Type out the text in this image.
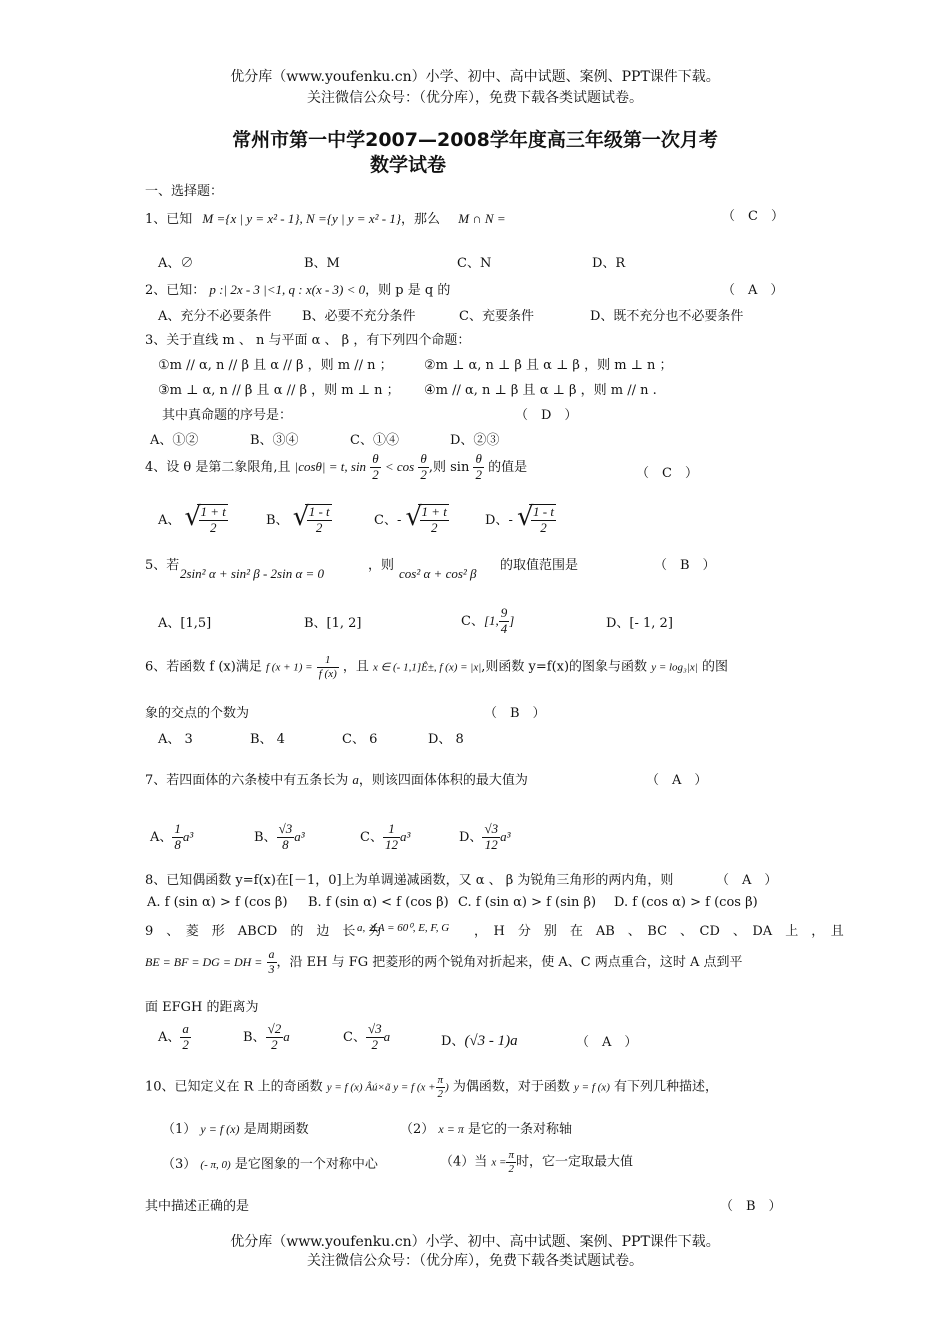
优分库（www.youfenku.cn）小学、初中、高中试题、案例、PPT课件下载。
关注微信公众号：（优分库），免费下载各类试题试卷。
常州市第一中学2007—2008学年度高三年级第一次月考
数学试卷
一、选择题：
1、已知 M ={x | y = x² - 1}, N ={y | y = x² - 1}，那么 M ∩ N =	（　C　）
A、∅	B、M	C、N	D、R
2、已知： p :| 2x - 3 |<1, q : x(x - 3) < 0，则 p 是 q 的	（　A　）
A、充分不必要条件 B、必要不充分条件	C、充要条件	D、既不充分也不必要条件
3、关于直线 m 、 n 与平面 α 、 β ，有下列四个命题：
①m // α, n // β 且 α // β ，则 m // n ； ②m ⊥ α, n ⊥ β 且 α ⊥ β ，则 m ⊥ n ；
③m ⊥ α, n // β 且 α // β ，则 m ⊥ n ； ④m // α, n ⊥ β 且 α ⊥ β ，则 m // n .
其中真命题的序号是：	（　D　）
A、①②	B、③④	C、①④	D、②③
4、设 θ 是第二象限角,且 |cosθ| = t, $\sin \frac{\theta}{2} < \cos \frac{\theta}{2}$ ,则 $\sin \frac{\theta}{2}$ 的值是	（　C　）
A、 √
$\frac{1 + t}{2}$	B、 √
$\frac{1 - t}{2}$	C、- √
$\frac{1 + t}{2}$	D、- √
$\frac{1 - t}{2}$
5、若
2sin² α + sin² β - 2sin α = 0
，则
cos² α + cos² β
的取值范围是	（　B　）
A、[1,5]	B、[1, 2]	C、[1, $\frac{9}{4}$ ]	D、[- 1, 2]
6、若函数 f (x)满足 f $(x + 1) = \frac{1}{f (x)}$ ，且 x ∈ (- 1,1]Ê±, f (x) = |x|,则函数 y=f(x)的图象与函数 y = log₃|x| 的图
象的交点的个数为	（　B　）
A、 3	B、 4	C、 6	D、 8
7、若四面体的六条棱中有五条长为 a，则该四面体体积的最大值为	（　A　）
A、 $\frac{1}{8} a^3$	B、 $\frac{√3}{8} a^3$	C、 $\frac{1}{12} a^3$	D、 $\frac{√3}{12} a^3$
8、已知偶函数 y=f(x)在[－1，0]上为单调递减函数，又 α 、 β 为锐角三角形的两内角，则	（　A　）
A. f (sin α) > f (cos β) B. f (sin α) < f (cos β) C. f (sin α) > f (sin β) D. f (cos α) > f (cos β)
9　、　菱　形　ABCD　的　边　长　为
a, ∠A = 60⁰, E, F, G ，　H　分　别　在　AB　、　BC　、　CD　、　DA　上　，　且
BE = BF = DG = DH = $\frac{a}{3}$ ，沿 EH 与 FG 把菱形的两个锐角对折起来，使 A、C 两点重合，这时 A 点到平
面 EFGH 的距离为
A、 $\frac{a}{2}$	B、 $\frac{√2}{2}$ a	C、 $\frac{√3}{2}$ a	D、(√3 - 1)a	（　A　）
10、已知定义在 R 上的奇函数 y = f (x) Âú×ã y = f ($x + \frac{\pi}{2}$ ) 为偶函数，对于函数 y = f (x) 有下列几种描述，
（1） y = f (x) 是周期函数	（2） x = π 是它的一条对称轴
（3） (- π, 0) 是它图象的一个对称中心	（4）当 $x = \frac{\pi}{2}$ 时，它一定取最大值
其中描述正确的是	（　B　）
优分库（www.youfenku.cn）小学、初中、高中试题、案例、PPT课件下载。
关注微信公众号：（优分库），免费下载各类试题试卷。
